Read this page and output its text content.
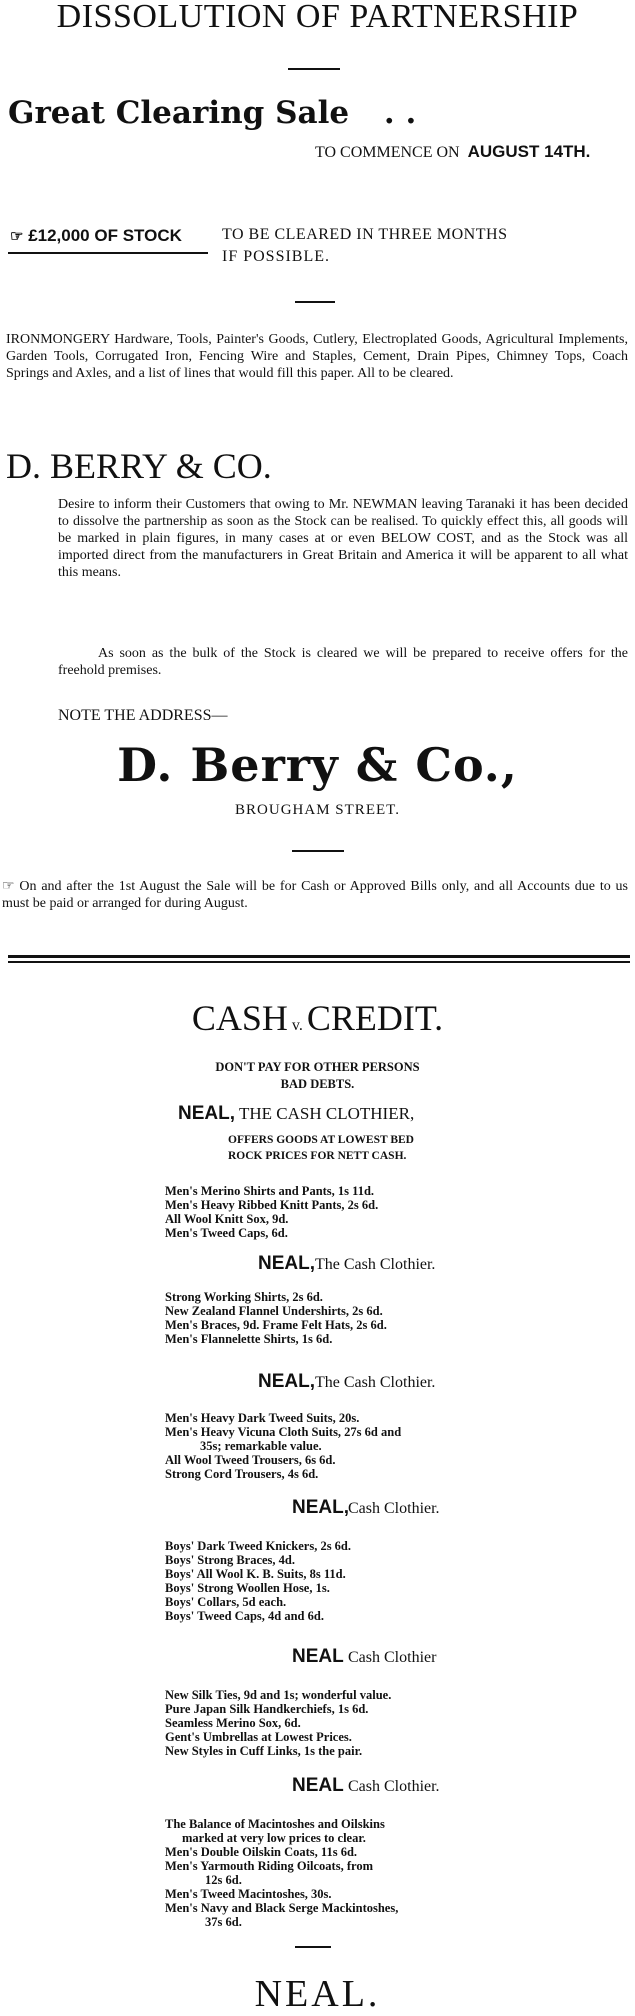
DISSOLUTION OF PARTNERSHIP
Great Clearing Sale . .
TO COMMENCE ON AUGUST 14TH.
☞ £12,000 OF STOCK	TO BE CLEARED IN THREE MONTHS
IF POSSIBLE.
IRONMONGERY Hardware, Tools, Painter's Goods, Cutlery, Electroplated Goods, Agricultural Implements, Garden Tools, Corrugated Iron, Fencing Wire and Staples, Cement, Drain Pipes, Chimney Tops, Coach Springs and Axles, and a list of lines that would fill this paper. All to be cleared.
D. BERRY & CO.
Desire to inform their Customers that owing to Mr. NEWMAN leaving Taranaki it has been decided to dissolve the partnership as soon as the Stock can be realised. To quickly effect this, all goods will be marked in plain figures, in many cases at or even BELOW COST, and as the Stock was all imported direct from the manufacturers in Great Britain and America it will be apparent to all what this means.
As soon as the bulk of the Stock is cleared we will be prepared to receive offers for the freehold premises.
NOTE THE ADDRESS—
D. Berry & Co.,
BROUGHAM STREET.
☞ On and after the 1st August the Sale will be for Cash or Approved Bills only, and all Accounts due to us must be paid or arranged for during August.
CASH v. CREDIT.
DON'T PAY FOR OTHER PERSONS
BAD DEBTS.
NEAL, THE CASH CLOTHIER,
OFFERS GOODS AT LOWEST BED
ROCK PRICES FOR NETT CASH.
Men's Merino Shirts and Pants, 1s 11d.
Men's Heavy Ribbed Knitt Pants, 2s 6d.
All Wool Knitt Sox, 9d.
Men's Tweed Caps, 6d.
NEAL, The Cash Clothier.
Strong Working Shirts, 2s 6d.
New Zealand Flannel Undershirts, 2s 6d.
Men's Braces, 9d. Frame Felt Hats, 2s 6d.
Men's Flannelette Shirts, 1s 6d.
NEAL, The Cash Clothier.
Men's Heavy Dark Tweed Suits, 20s.
Men's Heavy Vicuna Cloth Suits, 27s 6d and
35s; remarkable value.
All Wool Tweed Trousers, 6s 6d.
Strong Cord Trousers, 4s 6d.
NEAL, Cash Clothier.
Boys' Dark Tweed Knickers, 2s 6d.
Boys' Strong Braces, 4d.
Boys' All Wool K. B. Suits, 8s 11d.
Boys' Strong Woollen Hose, 1s.
Boys' Collars, 5d each.
Boys' Tweed Caps, 4d and 6d.
NEAL Cash Clothier
New Silk Ties, 9d and 1s; wonderful value.
Pure Japan Silk Handkerchiefs, 1s 6d.
Seamless Merino Sox, 6d.
Gent's Umbrellas at Lowest Prices.
New Styles in Cuff Links, 1s the pair.
NEAL Cash Clothier.
The Balance of Macintoshes and Oilskins
marked at very low prices to clear.
Men's Double Oilskin Coats, 11s 6d.
Men's Yarmouth Riding Oilcoats, from
12s 6d.
Men's Tweed Macintoshes, 30s.
Men's Navy and Black Serge Mackintoshes,
37s 6d.
NEAL.
